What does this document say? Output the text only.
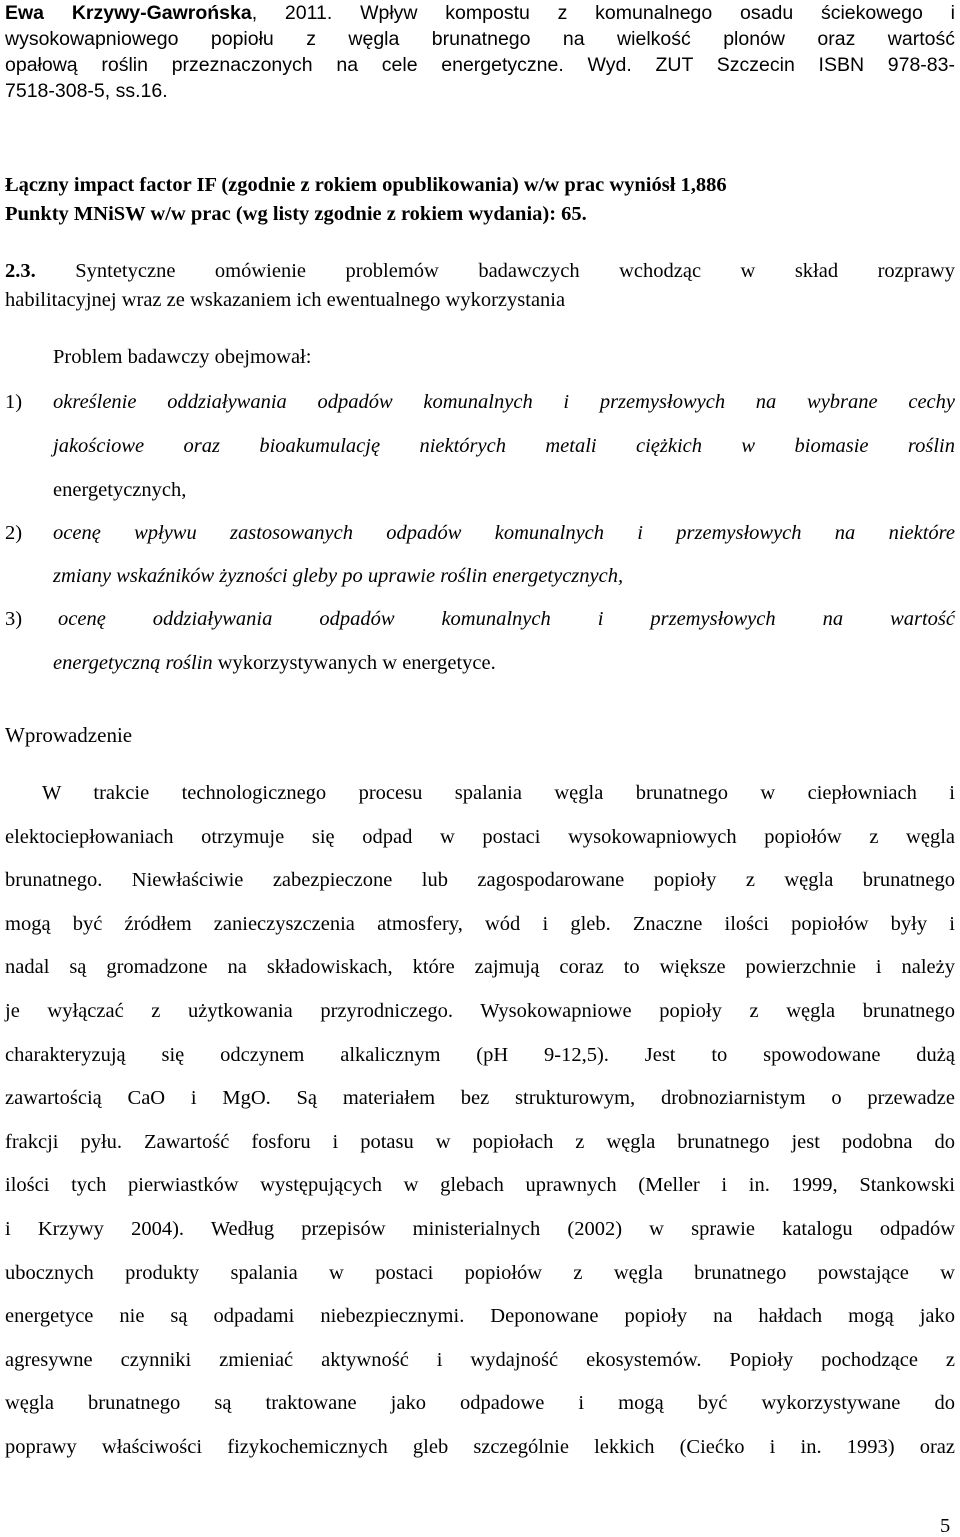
Ewa Krzywy-Gawrońska, 2011. Wpływ kompostu z komunalnego osadu ściekowego i
wysokowapniowego popiołu z węgla brunatnego na wielkość plonów oraz wartość
opałową roślin przeznaczonych na cele energetyczne. Wyd. ZUT Szczecin ISBN 978-83-
7518-308-5, ss.16.
Łączny impact factor IF (zgodnie z rokiem opublikowania) w/w prac wyniósł 1,886
Punkty MNiSW w/w prac (wg listy zgodnie z rokiem wydania): 65.
2.3. Syntetyczne omówienie problemów badawczych wchodząc w skład rozprawy
habilitacyjnej wraz ze wskazaniem ich ewentualnego wykorzystania
Problem badawczy obejmował:
1) określenie oddziaływania odpadów komunalnych i przemysłowych na wybrane cechy
jakościowe oraz bioakumulację niektórych metali ciężkich w biomasie roślin
energetycznych,
2) ocenę wpływu zastosowanych odpadów komunalnych i przemysłowych na niektóre
zmiany wskaźników żyzności gleby po uprawie roślin energetycznych,
3) ocenę oddziaływania odpadów komunalnych i przemysłowych na wartość
energetyczną roślin wykorzystywanych w energetyce.
Wprowadzenie
W trakcie technologicznego procesu spalania węgla brunatnego w ciepłowniach i
elektociepłowaniach otrzymuje się odpad w postaci wysokowapniowych popiołów z węgla
brunatnego. Niewłaściwie zabezpieczone lub zagospodarowane popioły z węgla brunatnego
mogą być źródłem zanieczyszczenia atmosfery, wód i gleb. Znaczne ilości popiołów były i
nadal są gromadzone na składowiskach, które zajmują coraz to większe powierzchnie i należy
je wyłączać z użytkowania przyrodniczego. Wysokowapniowe popioły z węgla brunatnego
charakteryzują się odczynem alkalicznym (pH 9-12,5). Jest to spowodowane dużą
zawartością CaO i MgO. Są materiałem bez strukturowym, drobnoziarnistym o przewadze
frakcji pyłu. Zawartość fosforu i potasu w popiołach z węgla brunatnego jest podobna do
ilości tych pierwiastków występujących w glebach uprawnych (Meller i in. 1999, Stankowski
i Krzywy 2004). Według przepisów ministerialnych (2002) w sprawie katalogu odpadów
ubocznych produkty spalania w postaci popiołów z węgla brunatnego powstające w
energetyce nie są odpadami niebezpiecznymi. Deponowane popioły na hałdach mogą jako
agresywne czynniki zmieniać aktywność i wydajność ekosystemów. Popioły pochodzące z
węgla brunatnego są traktowane jako odpadowe i mogą być wykorzystywane do
poprawy właściwości fizykochemicznych gleb szczególnie lekkich (Ciećko i in. 1993) oraz
5
